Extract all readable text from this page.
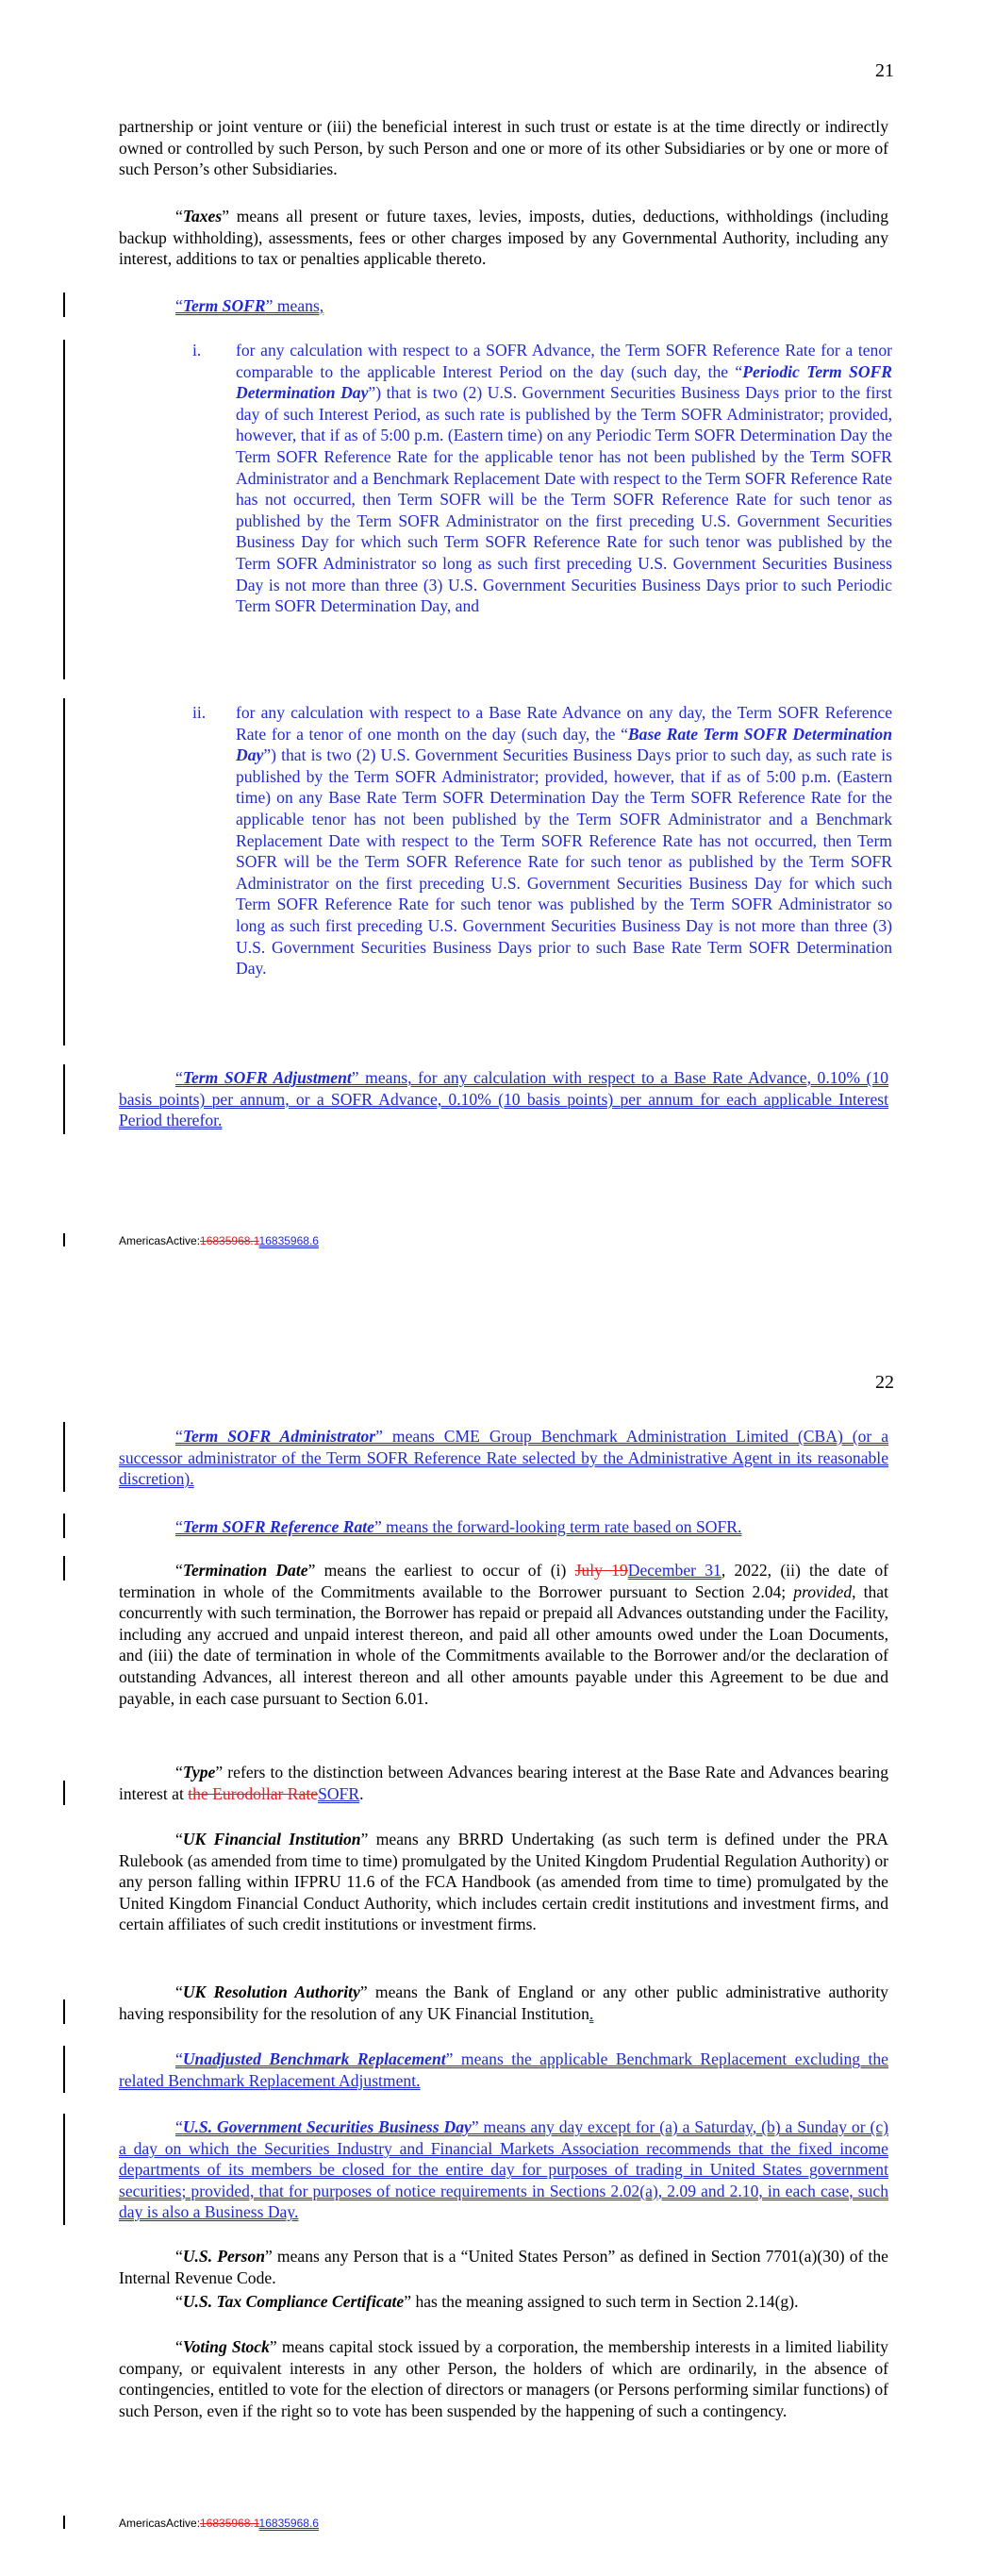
21

partnership or joint venture or (iii) the beneficial interest in such trust or estate is at the time directly or indirectly owned or controlled by such Person, by such Person and one or more of its other Subsidiaries or by one or more of such Person’s other Subsidiaries.

“Taxes” means all present or future taxes, levies, imposts, duties, deductions, withholdings (including backup withholding), assessments, fees or other charges imposed by any Governmental Authority, including any interest, additions to tax or penalties applicable thereto.

“Term SOFR” means,

i. for any calculation with respect to a SOFR Advance, the Term SOFR Reference Rate for a tenor comparable to the applicable Interest Period on the day (such day, the “Periodic Term SOFR Determination Day”) that is two (2) U.S. Government Securities Business Days prior to the first day of such Interest Period, as such rate is published by the Term SOFR Administrator; provided, however, that if as of 5:00 p.m. (Eastern time) on any Periodic Term SOFR Determination Day the Term SOFR Reference Rate for the applicable tenor has not been published by the Term SOFR Administrator and a Benchmark Replacement Date with respect to the Term SOFR Reference Rate has not occurred, then Term SOFR will be the Term SOFR Reference Rate for such tenor as published by the Term SOFR Administrator on the first preceding U.S. Government Securities Business Day for which such Term SOFR Reference Rate for such tenor was published by the Term SOFR Administrator so long as such first preceding U.S. Government Securities Business Day is not more than three (3) U.S. Government Securities Business Days prior to such Periodic Term SOFR Determination Day, and
ii. for any calculation with respect to a Base Rate Advance on any day, the Term SOFR Reference Rate for a tenor of one month on the day (such day, the “Base Rate Term SOFR Determination Day”) that is two (2) U.S. Government Securities Business Days prior to such day, as such rate is published by the Term SOFR Administrator; provided, however, that if as of 5:00 p.m. (Eastern time) on any Base Rate Term SOFR Determination Day the Term SOFR Reference Rate for the applicable tenor has not been published by the Term SOFR Administrator and a Benchmark Replacement Date with respect to the Term SOFR Reference Rate has not occurred, then Term SOFR will be the Term SOFR Reference Rate for such tenor as published by the Term SOFR Administrator on the first preceding U.S. Government Securities Business Day for which such Term SOFR Reference Rate for such tenor was published by the Term SOFR Administrator so long as such first preceding U.S. Government Securities Business Day is not more than three (3) U.S. Government Securities Business Days prior to such Base Rate Term SOFR Determination Day.

“Term SOFR Adjustment” means, for any calculation with respect to a Base Rate Advance, 0.10% (10 basis points) per annum, or a SOFR Advance, 0.10% (10 basis points) per annum for each applicable Interest Period therefor.

AmericasActive:16835968.116835968.6
22

“Term SOFR Administrator” means CME Group Benchmark Administration Limited (CBA) (or a successor administrator of the Term SOFR Reference Rate selected by the Administrative Agent in its reasonable discretion).

“Term SOFR Reference Rate” means the forward-looking term rate based on SOFR.

“Termination Date” means the earliest to occur of (i) July 19December 31, 2022, (ii) the date of termination in whole of the Commitments available to the Borrower pursuant to Section 2.04; provided, that concurrently with such termination, the Borrower has repaid or prepaid all Advances outstanding under the Facility, including any accrued and unpaid interest thereon, and paid all other amounts owed under the Loan Documents, and (iii) the date of termination in whole of the Commitments available to the Borrower and/or the declaration of outstanding Advances, all interest thereon and all other amounts payable under this Agreement to be due and payable, in each case pursuant to Section 6.01.

“Type” refers to the distinction between Advances bearing interest at the Base Rate and Advances bearing interest at the Eurodollar RateSOFR.

“UK Financial Institution” means any BRRD Undertaking (as such term is defined under the PRA Rulebook (as amended from time to time) promulgated by the United Kingdom Prudential Regulation Authority) or any person falling within IFPRU 11.6 of the FCA Handbook (as amended from time to time) promulgated by the United Kingdom Financial Conduct Authority, which includes certain credit institutions and investment firms, and certain affiliates of such credit institutions or investment firms.

“UK Resolution Authority” means the Bank of England or any other public administrative authority having responsibility for the resolution of any UK Financial Institution.

“Unadjusted Benchmark Replacement” means the applicable Benchmark Replacement excluding the related Benchmark Replacement Adjustment.

“U.S. Government Securities Business Day” means any day except for (a) a Saturday, (b) a Sunday or (c) a day on which the Securities Industry and Financial Markets Association recommends that the fixed income departments of its members be closed for the entire day for purposes of trading in United States government securities; provided, that for purposes of notice requirements in Sections 2.02(a), 2.09 and 2.10, in each case, such day is also a Business Day.

“U.S. Person” means any Person that is a “United States Person” as defined in Section 7701(a)(30) of the Internal Revenue Code.

“U.S. Tax Compliance Certificate” has the meaning assigned to such term in Section 2.14(g).

“Voting Stock” means capital stock issued by a corporation, the membership interests in a limited liability company, or equivalent interests in any other Person, the holders of which are ordinarily, in the absence of contingencies, entitled to vote for the election of directors or managers (or Persons performing similar functions) of such Person, even if the right so to vote has been suspended by the happening of such a contingency.

AmericasActive:16835968.116835968.6
